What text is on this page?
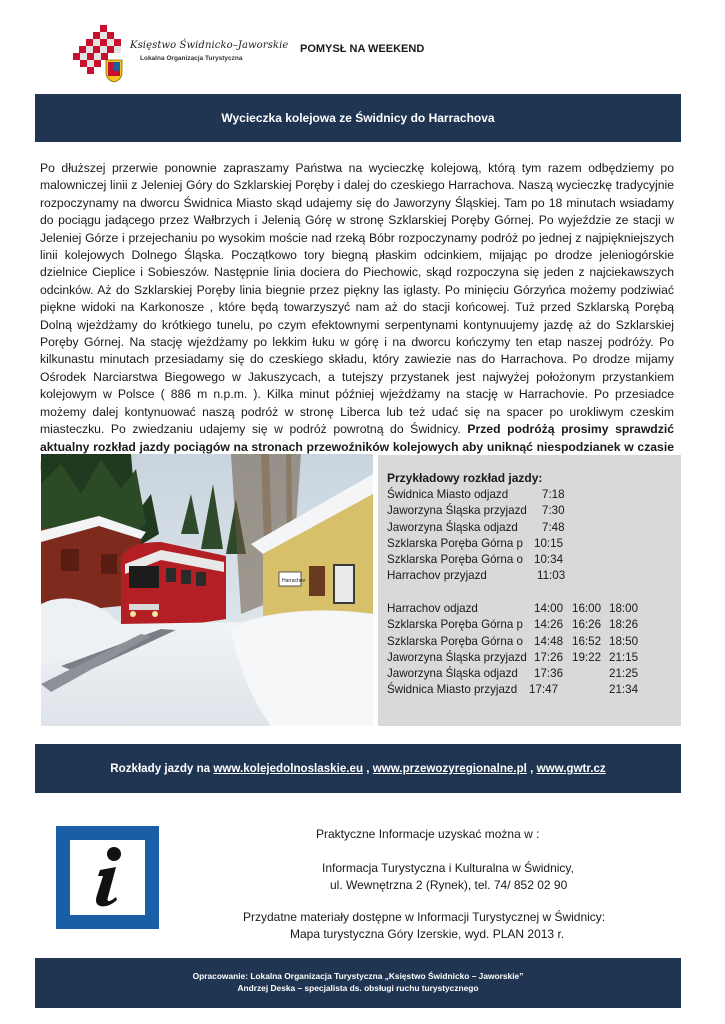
Księstwo Świdnicko–Jaworskie
Lokalna Organizacja Turystyczna
POMYSŁ NA WEEKEND
Wycieczka kolejowa ze Świdnicy do Harrachova
Po dłuższej przerwie ponownie zapraszamy Państwa na wycieczkę kolejową, którą tym razem odbędziemy po malowniczej linii z Jeleniej Góry do Szklarskiej Poręby i dalej do czeskiego Harrachova. Naszą wycieczkę tradycyjnie rozpoczynamy na dworcu Świdnica Miasto skąd udajemy się do Jaworzyny Śląskiej. Tam po 18 minutach wsiadamy do pociągu jadącego przez Wałbrzych i Jelenią Górę w stronę Szklarskiej Poręby Górnej. Po wyjeździe ze stacji w Jeleniej Górze i przejechaniu po wysokim moście nad rzeką Bóbr rozpoczynamy podróż po jednej z najpiękniejszych linii kolejowych Dolnego Śląska. Początkowo tory biegną płaskim odcinkiem, mijając po drodze jeleniogórskie dzielnice Cieplice i Sobieszów. Następnie linia dociera do Piechowic, skąd rozpoczyna się jeden z najciekawszych odcinków. Aż do Szklarskiej Poręby linia biegnie przez piękny las iglasty. Po minięciu Górzyńca możemy podziwiać piękne widoki na Karkonosze , które będą towarzyszyć nam aż do stacji końcowej. Tuż przed Szklarską Porębą Dolną wjeżdżamy do krótkiego tunelu, po czym efektownymi serpentynami kontynuujemy jazdę aż do Szklarskiej Poręby Górnej. Na stację wjeżdżamy po lekkim łuku w górę i na dworcu kończymy ten etap naszej podróży. Po kilkunastu minutach przesiadamy się do czeskiego składu, który zawiezie nas do Harrachova. Po drodze mijamy Ośrodek Narciarstwa Biegowego w Jakuszycach, a tutejszy przystanek jest najwyżej położonym przystankiem kolejowym w Polsce ( 886 m n.p.m. ). Kilka minut później wjeżdżamy na stację w Harrachovie. Po przesiadce możemy dalej kontynuować naszą podróż w stronę Liberca lub też udać się na spacer po urokliwym czeskim miasteczku. Po zwiedzaniu udajemy się w podróż powrotną do Świdnicy. Przed podróżą prosimy sprawdzić aktualny rozkład jazdy pociągów na stronach przewoźników kolejowych aby uniknąć niespodzianek w czasie
Harrachov
Przykładowy rozkład jazdy:
Świdnica Miasto odjazd	7:18
Jaworzyna Śląska przyjazd 7:30
Jaworzyna Śląska odjazd 7:48
Szklarska Poręba Górna p 10:15
Szklarska Poręba Górna o 10:34
Harrachov przyjazd	11:03
Harrachov odjazd	14:00 16:00 18:00
Szklarska Poręba Górna p 14:26 16:26 18:26
Szklarska Poręba Górna o 14:48 16:52 18:50
Jaworzyna Śląska przyjazd 17:26 19:22 21:15
Jaworzyna Śląska odjazd 17:36	21:25
Świdnica Miasto przyjazd 17:47	21:34
Rozkłady jazdy na www.kolejedolnoslaskie.eu , www.przewozyregionalne.pl , www.gwtr.cz
Praktyczne Informacje uzyskać można w :
Informacja Turystyczna i Kulturalna w Świdnicy,
ul. Wewnętrzna 2 (Rynek), tel. 74/ 852 02 90
Przydatne materiały dostępne w Informacji Turystycznej w Świdnicy:
Mapa turystyczna Góry Izerskie, wyd. PLAN 2013 r.
Opracowanie: Lokalna Organizacja Turystyczna „Księstwo Świdnicko – Jaworskie”
Andrzej Deska – specjalista ds. obsługi ruchu turystycznego
